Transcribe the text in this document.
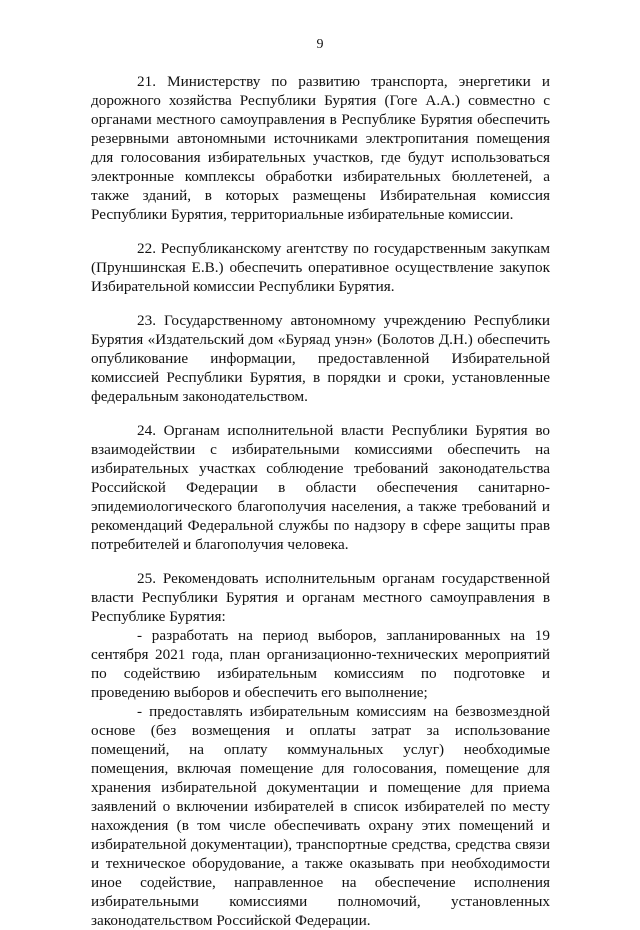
9

21. Министерству по развитию транспорта, энергетики и дорожного хозяйства Республики Бурятия (Гоге А.А.) совместно с органами местного самоуправления в Республике Бурятия обеспечить резервными автономными источниками электропитания помещения для голосования избирательных участков, где будут использоваться электронные комплексы обработки избирательных бюллетеней, а также зданий, в которых размещены Избирательная комиссия Республики Бурятия, территориальные избирательные комиссии.

22. Республиканскому агентству по государственным закупкам (Пруншинская Е.В.) обеспечить оперативное осуществление закупок Избирательной комиссии Республики Бурятия.

23. Государственному автономному учреждению Республики Бурятия «Издательский дом «Буряад унэн» (Болотов Д.Н.) обеспечить опубликование информации, предоставленной Избирательной комиссией Республики Бурятия, в порядки и сроки, установленные федеральным законодательством.

24. Органам исполнительной власти Республики Бурятия во взаимодействии с избирательными комиссиями обеспечить на избирательных участках соблюдение требований законодательства Российской Федерации в области обеспечения санитарно-эпидемиологического благополучия населения, а также требований и рекомендаций Федеральной службы по надзору в сфере защиты прав потребителей и благополучия человека.

25. Рекомендовать исполнительным органам государственной власти Республики Бурятия и органам местного самоуправления в Республике Бурятия:

- разработать на период выборов, запланированных на 19 сентября 2021 года, план организационно-технических мероприятий по содействию избирательным комиссиям по подготовке и проведению выборов и обеспечить его выполнение;

- предоставлять избирательным комиссиям на безвозмездной основе (без возмещения и оплаты затрат за использование помещений, на оплату коммунальных услуг) необходимые помещения, включая помещение для голосования, помещение для хранения избирательной документации и помещение для приема заявлений о включении избирателей в список избирателей по месту нахождения (в том числе обеспечивать охрану этих помещений и избирательной документации), транспортные средства, средства связи и техническое оборудование, а также оказывать при необходимости иное содействие, направленное на обеспечение исполнения избирательными комиссиями полномочий, установленных законодательством Российской Федерации.
